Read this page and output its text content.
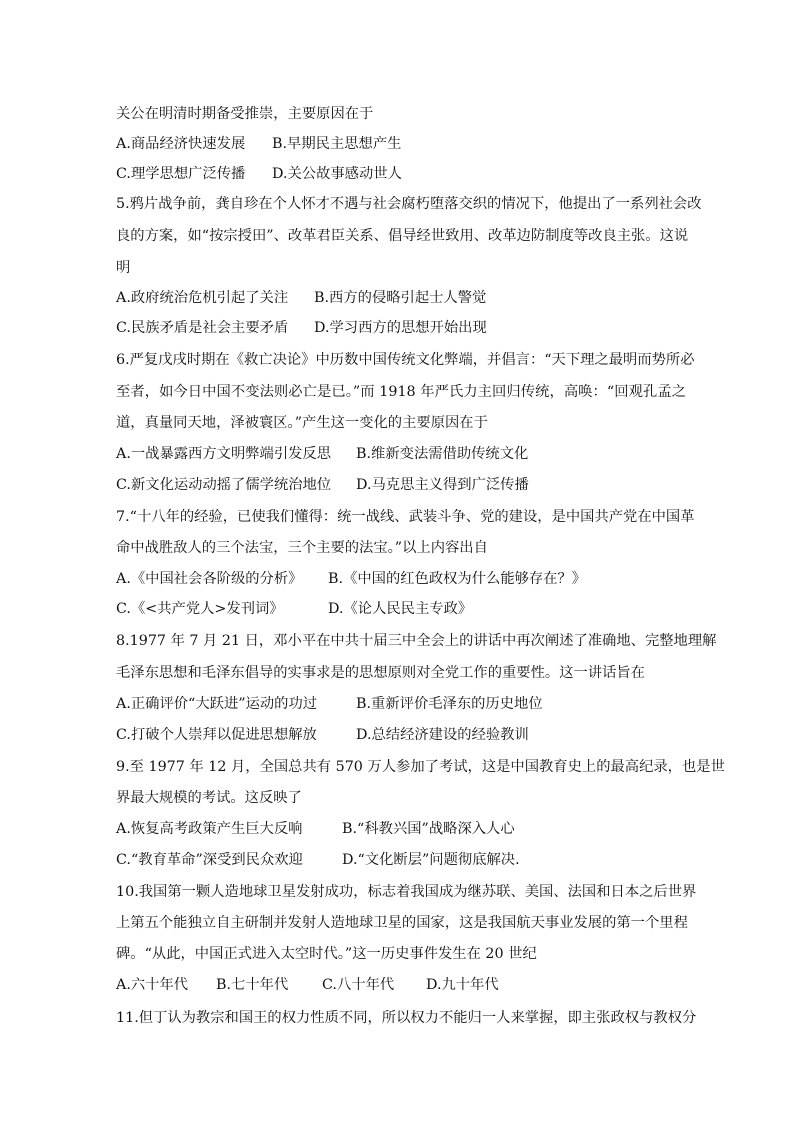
关公在明清时期备受推崇，主要原因在于
A.商品经济快速发展 B.早期民主思想产生
C.理学思想广泛传播 D.关公故事感动世人
5.鸦片战争前，龚自珍在个人怀才不遇与社会腐朽堕落交织的情况下，他提出了一系列社会改
良的方案，如“按宗授田”、改革君臣关系、倡导经世致用、改革边防制度等改良主张。这说
明
A.政府统治危机引起了关注 B.西方的侵略引起士人警觉
C.民族矛盾是社会主要矛盾 D.学习西方的思想开始出现
6.严复戊戌时期在《救亡决论》中历数中国传统文化弊端，并倡言：“天下理之最明而势所必
至者，如今日中国不变法则必亡是已。”而 1918 年严氏力主回归传统，高唤：“回观孔孟之
道，真量同天地，泽被寰区。”产生这一变化的主要原因在于
A.一战暴露西方文明弊端引发反思 B.维新变法需借助传统文化
C.新文化运动动摇了儒学统治地位 D.马克思主义得到广泛传播
7.“十八年的经验，已使我们懂得：统一战线、武装斗争、党的建设，是中国共产党在中国革
命中战胜敌人的三个法宝，三个主要的法宝。”以上内容出自
A.《中国社会各阶级的分析》 B.《中国的红色政权为什么能够存在？》
C.《<共产党人>发刊词》	D.《论人民民主专政》
8.1977 年 7 月 21 日，邓小平在中共十届三中全会上的讲话中再次阐述了准确地、完整地理解
毛泽东思想和毛泽东倡导的实事求是的思想原则对全党工作的重要性。这一讲话旨在
A.正确评价“大跃进”运动的功过	B.重新评价毛泽东的历史地位
C.打破个人崇拜以促进思想解放	D.总结经济建设的经验教训
9.至 1977 年 12 月，全国总共有 570 万人参加了考试，这是中国教育史上的最高纪录，也是世
界最大规模的考试。这反映了
A.恢复高考政策产生巨大反响	B.“科教兴国”战略深入人心
C.“教育革命”深受到民众欢迎	D.“文化断层”问题彻底解决.
10.我国第一颗人造地球卫星发射成功，标志着我国成为继苏联、美国、法国和日本之后世界
上第五个能独立自主研制并发射人造地球卫星的国家，这是我国航天事业发展的第一个里程
碑。“从此，中国正式进入太空时代。”这一历史事件发生在 20 世纪
A.六十年代 B.七十年代 C.八十年代 D.九十年代
11.但丁认为教宗和国王的权力性质不同，所以权力不能归一人来掌握，即主张政权与教权分
